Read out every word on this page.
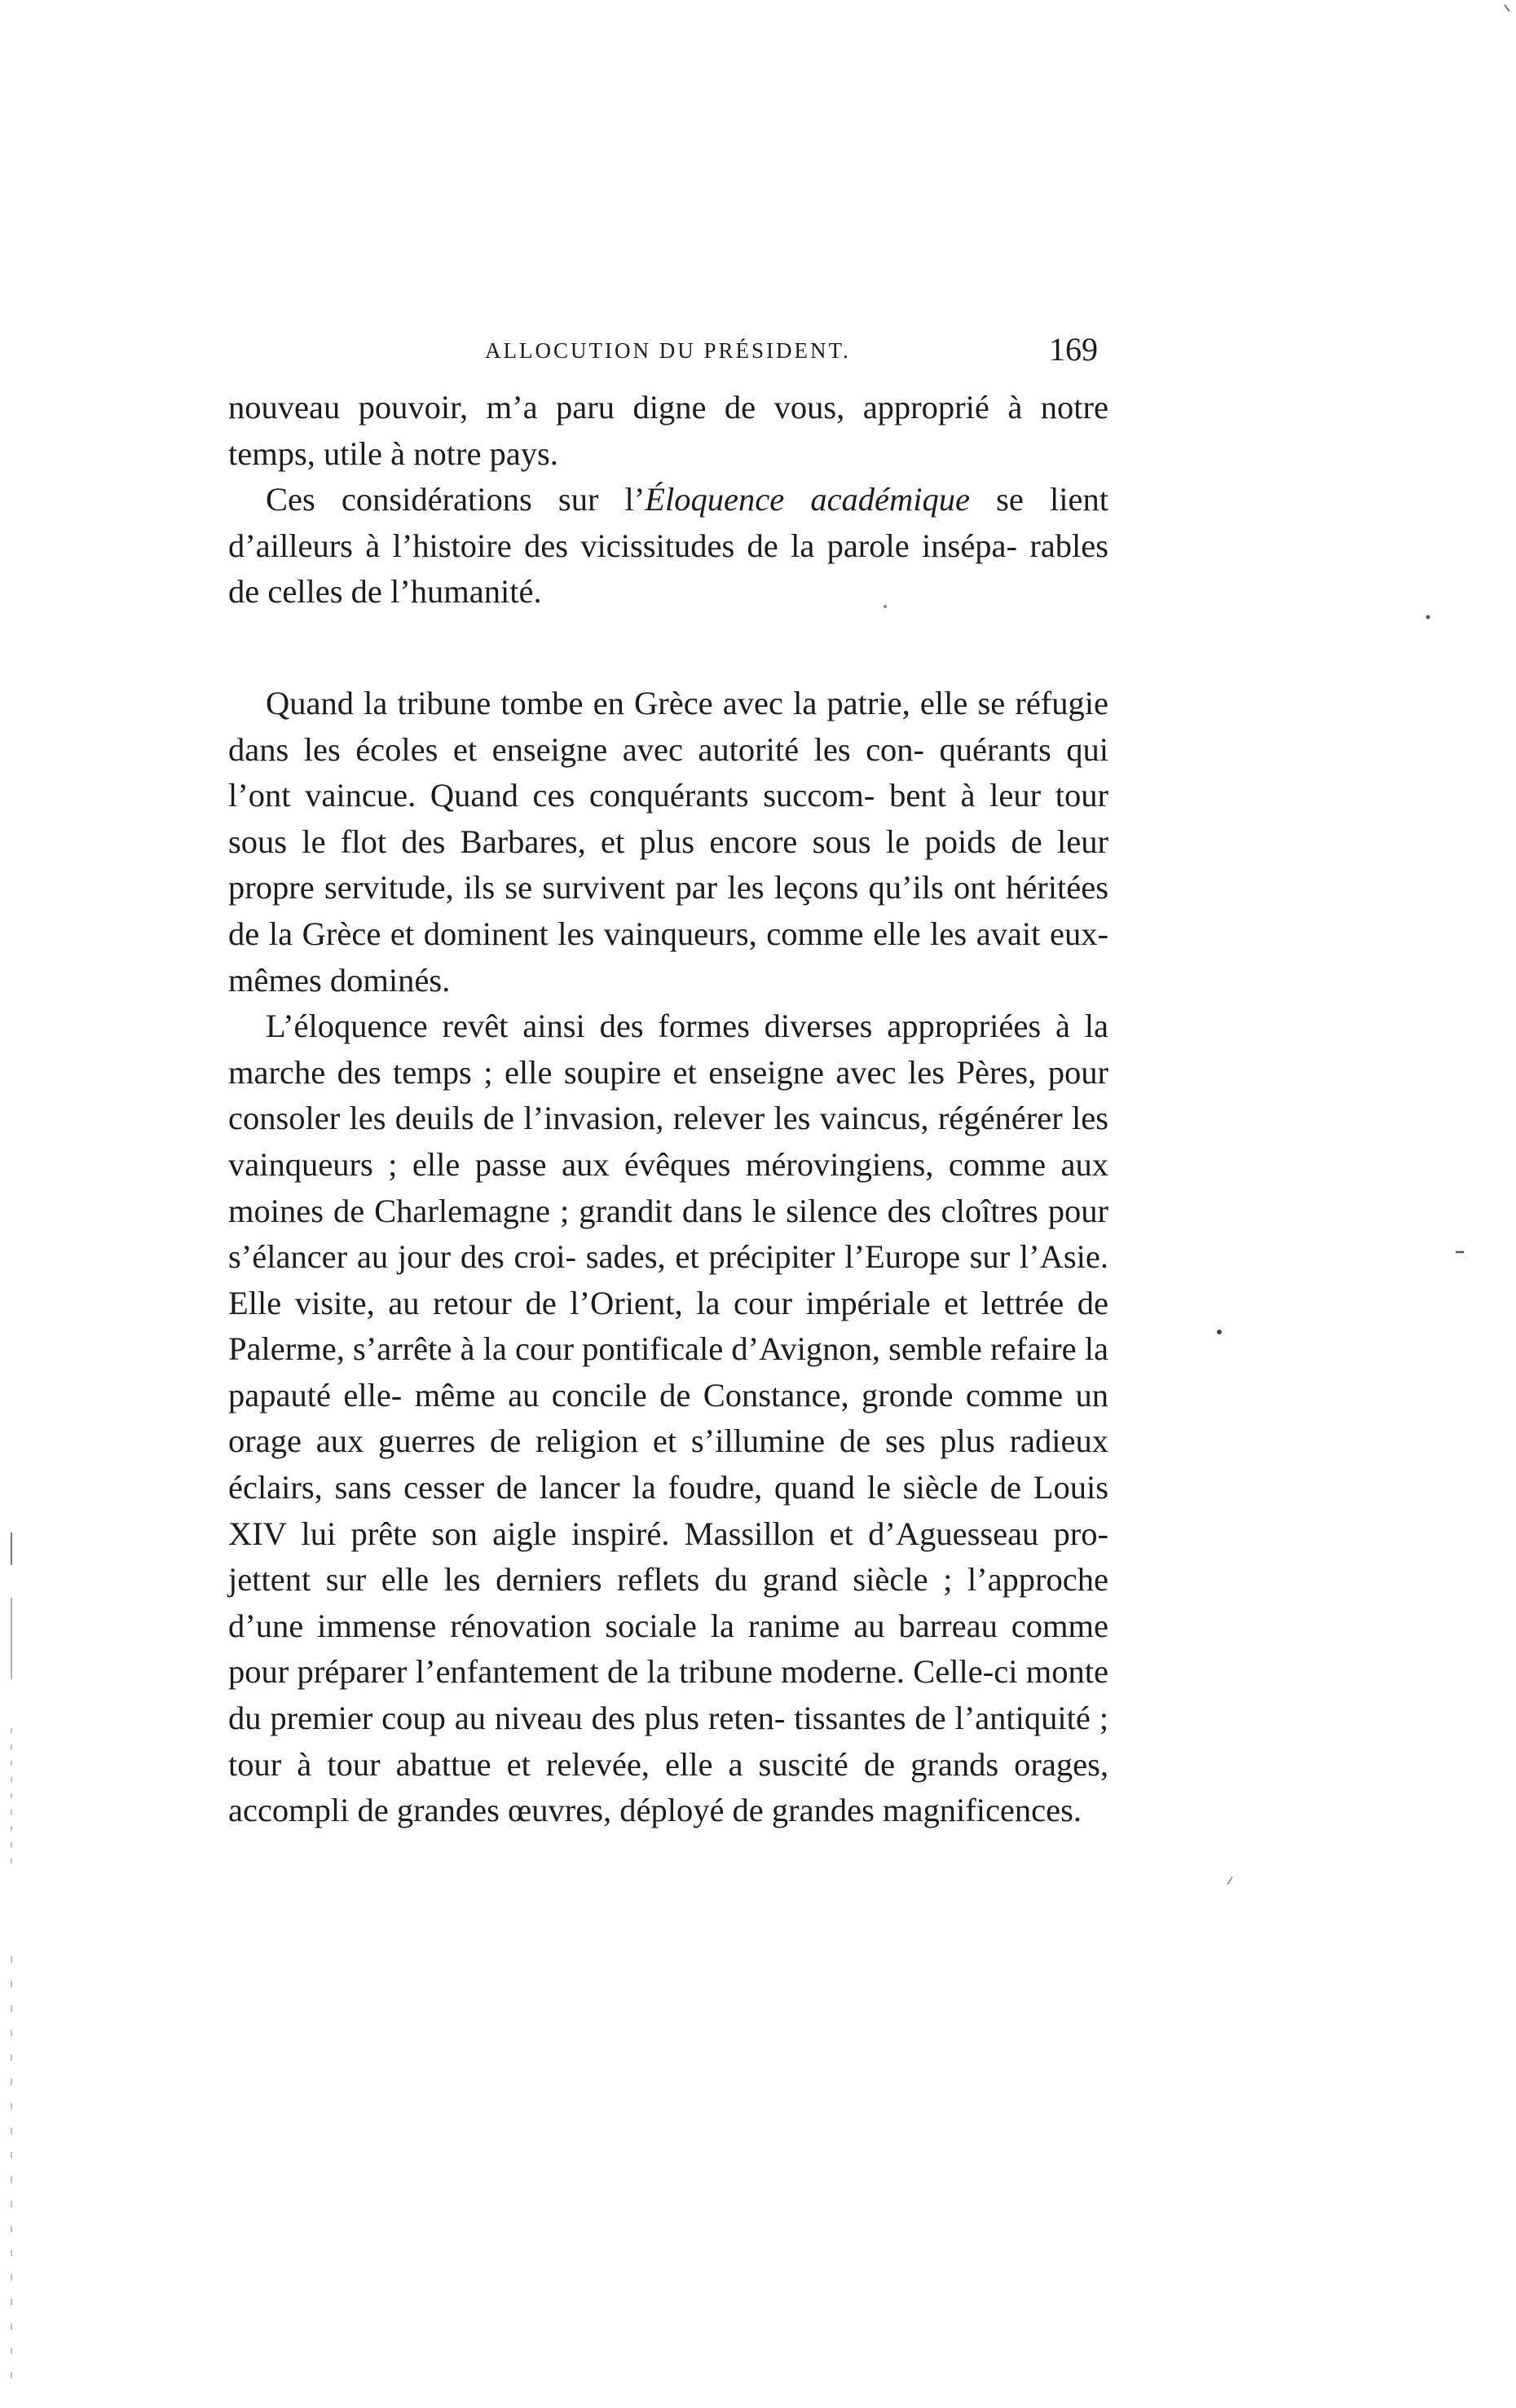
ALLOCUTION DU PRÉSIDENT.	169

nouveau pouvoir, m’a paru digne de vous, approprié à notre temps, utile à notre pays.

Ces considérations sur l’Éloquence académique se lient d’ailleurs à l’histoire des vicissitudes de la parole insépa- rables de celles de l’humanité.

Quand la tribune tombe en Grèce avec la patrie, elle se réfugie dans les écoles et enseigne avec autorité les con- quérants qui l’ont vaincue. Quand ces conquérants succom- bent à leur tour sous le flot des Barbares, et plus encore sous le poids de leur propre servitude, ils se survivent par les leçons qu’ils ont héritées de la Grèce et dominent les vainqueurs, comme elle les avait eux-mêmes dominés.

L’éloquence revêt ainsi des formes diverses appropriées à la marche des temps ; elle soupire et enseigne avec les Pères, pour consoler les deuils de l’invasion, relever les vaincus, régénérer les vainqueurs ; elle passe aux évêques mérovingiens, comme aux moines de Charlemagne ; grandit dans le silence des cloîtres pour s’élancer au jour des croi- sades, et précipiter l’Europe sur l’Asie. Elle visite, au retour de l’Orient, la cour impériale et lettrée de Palerme, s’arrête à la cour pontificale d’Avignon, semble refaire la papauté elle- même au concile de Constance, gronde comme un orage aux guerres de religion et s’illumine de ses plus radieux éclairs, sans cesser de lancer la foudre, quand le siècle de Louis XIV lui prête son aigle inspiré. Massillon et d’Aguesseau pro- jettent sur elle les derniers reflets du grand siècle ; l’approche d’une immense rénovation sociale la ranime au barreau comme pour préparer l’enfantement de la tribune moderne. Celle-ci monte du premier coup au niveau des plus reten- tissantes de l’antiquité ; tour à tour abattue et relevée, elle a suscité de grands orages, accompli de grandes œuvres, déployé de grandes magnificences.
